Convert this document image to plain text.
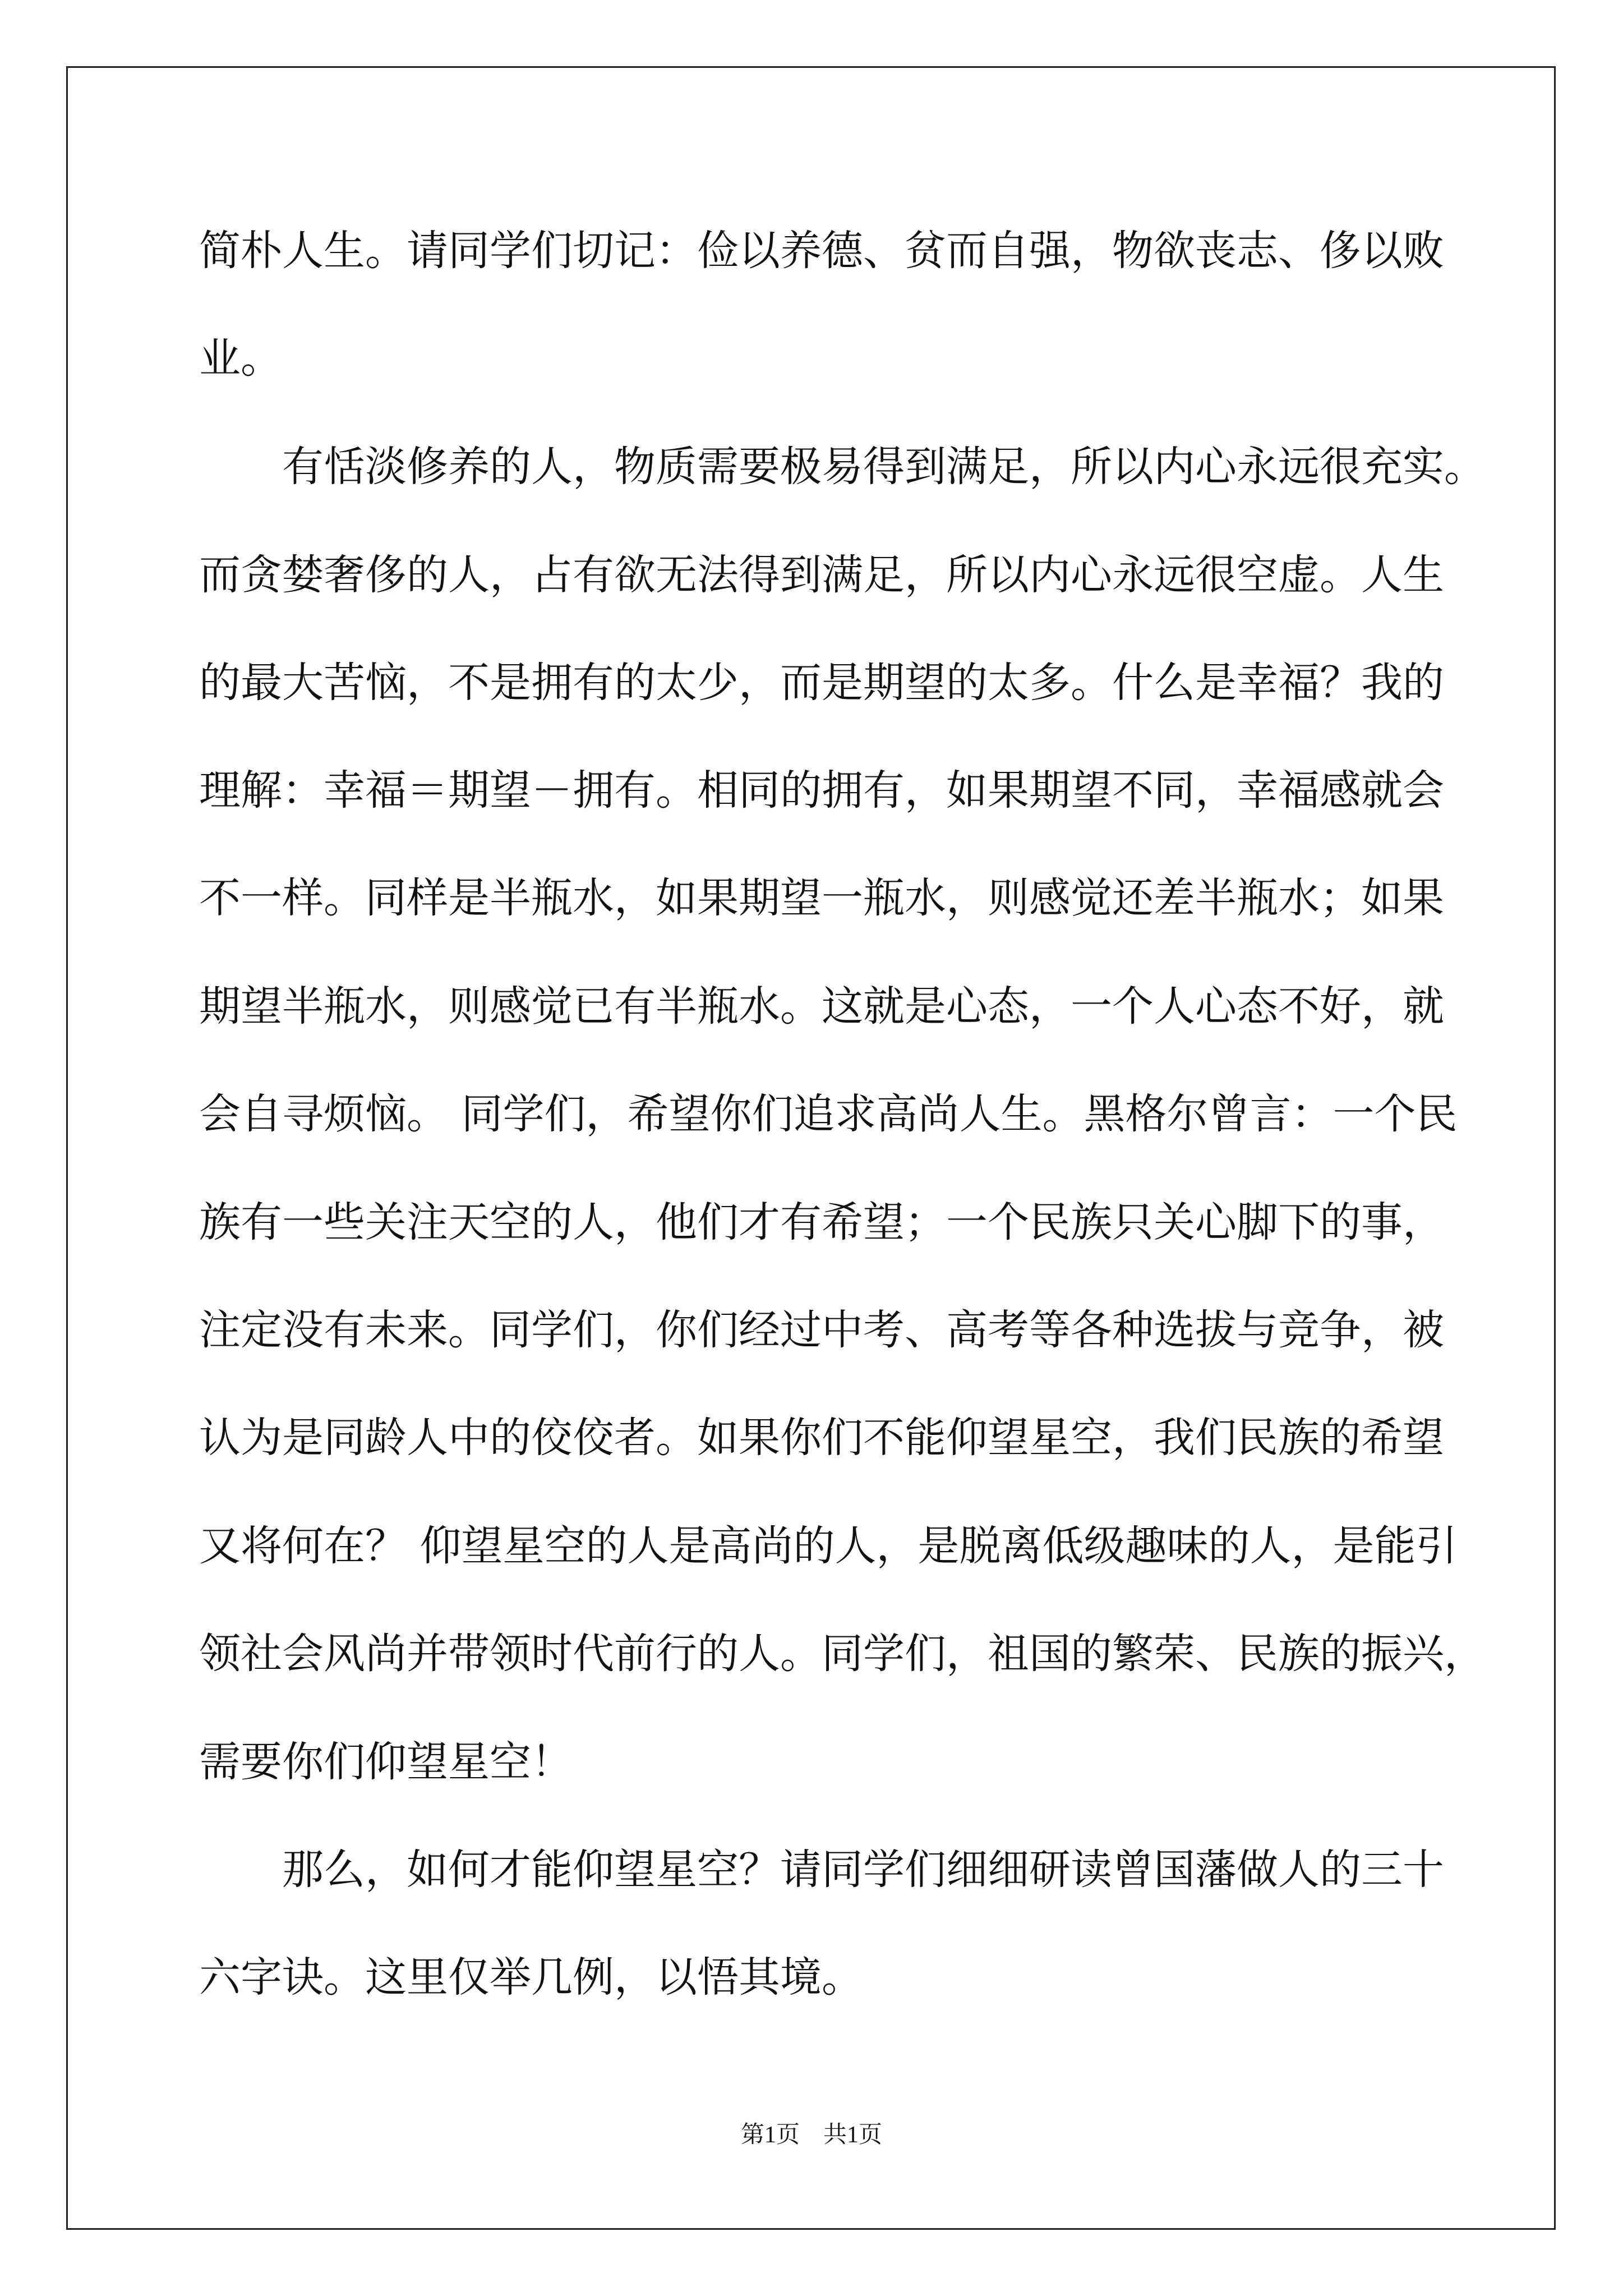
简朴人生。请同学们切记：俭以养德、贫而自强，物欲丧志、侈以败
业。
　　有恬淡修养的人，物质需要极易得到满足，所以内心永远很充实。
而贪婪奢侈的人，占有欲无法得到满足，所以内心永远很空虚。人生
的最大苦恼，不是拥有的太少，而是期望的太多。什么是幸福？我的
理解：幸福＝期望－拥有。相同的拥有，如果期望不同，幸福感就会
不一样。同样是半瓶水，如果期望一瓶水，则感觉还差半瓶水；如果
期望半瓶水，则感觉已有半瓶水。这就是心态，一个人心态不好，就
会自寻烦恼。 同学们，希望你们追求高尚人生。黑格尔曾言：一个民
族有一些关注天空的人，他们才有希望；一个民族只关心脚下的事，
注定没有未来。同学们，你们经过中考、高考等各种选拔与竞争，被
认为是同龄人中的佼佼者。如果你们不能仰望星空，我们民族的希望
又将何在？ 仰望星空的人是高尚的人，是脱离低级趣味的人，是能引
领社会风尚并带领时代前行的人。同学们，祖国的繁荣、民族的振兴，
需要你们仰望星空！
　　那么，如何才能仰望星空？请同学们细细研读曾国藩做人的三十
六字诀。这里仅举几例，以悟其境。
第1页　共1页
